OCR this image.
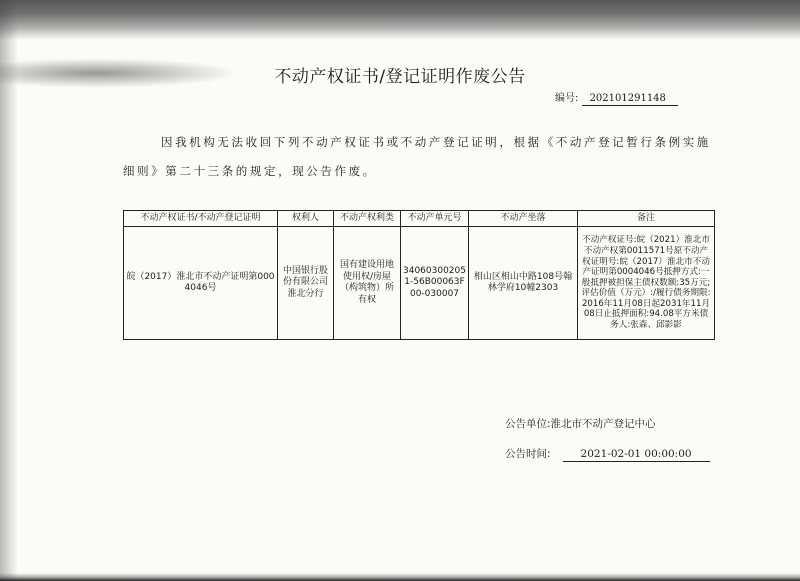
不动产权证书/登记证明作废公告
编号: 202101291148
因我机构无法收回下列不动产权证书或不动产登记证明，根据《不动产登记暂行条例实施细则》第二十三条的规定，现公告作废。
不动产权证书/不动产登记证明	权利人	不动产权利类	不动产单元号	不动产坐落	备注
皖（2017）淮北市不动产证明第0004046号	中国银行股份有限公司淮北分行	国有建设用地使用权/房屋（构筑物）所有权	340603002051-56B00063F00-030007	相山区相山中路108号翰林学府10幢2303	不动产权证号:皖（2021）淮北市不动产权第0011571号原不动产权证明号:皖（2017）淮北市不动产证明第0004046号抵押方式:一般抵押被担保主债权数额:35万元;评估价值（万元）:/履行债务期限:2016年11月08日起2031年11月08日止抵押面积:94.08平方米债务人:张森、邱影影
公告单位:淮北市不动产登记中心
公告时间:	2021-02-01 00:00:00
